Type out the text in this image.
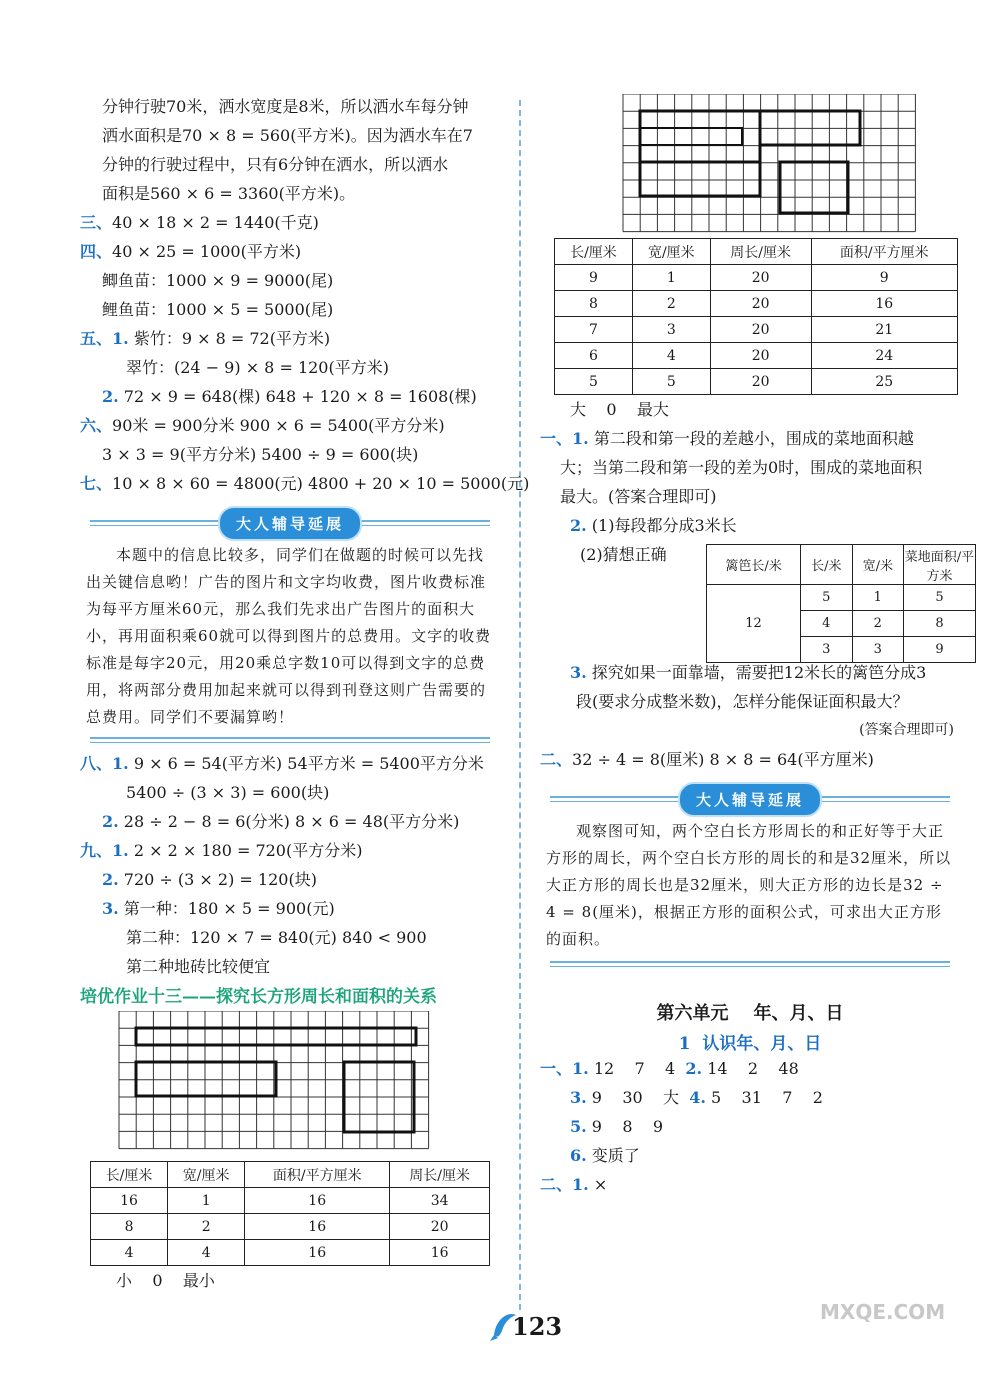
分钟行驶70米，洒水宽度是8米，所以洒水车每分钟
洒水面积是70 × 8 = 560(平方米)。因为洒水车在7
分钟的行驶过程中，只有6分钟在洒水，所以洒水
面积是560 × 6 = 3360(平方米)。
三、40 × 18 × 2 = 1440(千克)
四、40 × 25 = 1000(平方米)
鲫鱼苗：1000 × 9 = 9000(尾)
鲤鱼苗：1000 × 5 = 5000(尾)
五、1. 紫竹：9 × 8 = 72(平方米)
翠竹：(24 − 9) × 8 = 120(平方米)
2. 72 × 9 = 648(棵) 648 + 120 × 8 = 1608(棵)
六、90米 = 900分米 900 × 6 = 5400(平方分米)
3 × 3 = 9(平方分米) 5400 ÷ 9 = 600(块)
七、10 × 8 × 60 = 4800(元) 4800 + 20 × 10 = 5000(元)
大人辅导延展
本题中的信息比较多，同学们在做题的时候可以先找出关键信息哟！广告的图片和文字均收费，图片收费标准为每平方厘米60元，那么我们先求出广告图片的面积大小，再用面积乘60就可以得到图片的总费用。文字的收费标准是每字20元，用20乘总字数10可以得到文字的总费用，将两部分费用加起来就可以得到刊登这则广告需要的总费用。同学们不要漏算哟！
八、1. 9 × 6 = 54(平方米) 54平方米 = 5400平方分米
5400 ÷ (3 × 3) = 600(块)
2. 28 ÷ 2 − 8 = 6(分米) 8 × 6 = 48(平方分米)
九、1. 2 × 2 × 180 = 720(平方分米)
2. 720 ÷ (3 × 2) = 120(块)
3. 第一种：180 × 5 = 900(元)
第二种：120 × 7 = 840(元) 840 < 900
第二种地砖比较便宜
培优作业十三——探究长方形周长和面积的关系
长/厘米	宽/厘米	面积/平方厘米	周长/厘米
16	1	16	34
8	2	16	20
4	4	16	16
小    0    最小
长/厘米	宽/厘米	周长/厘米	面积/平方厘米
9	1	20	9
8	2	20	16
7	3	20	21
6	4	20	24
5	5	20	25
大    0    最大
一、1. 第二段和第一段的差越小，围成的菜地面积越
大；当第二段和第一段的差为0时，围成的菜地面积
最大。(答案合理即可)
2. (1)每段都分成3米长
(2)猜想正确
篱笆长/米	长/米	宽/米	菜地面积/平方米
12	5	1	5
	4	2	8
	3	3	9
3. 探究如果一面靠墙，需要把12米长的篱笆分成3
段(要求分成整米数)，怎样分能保证面积最大？
(答案合理即可)
二、32 ÷ 4 = 8(厘米) 8 × 8 = 64(平方厘米)
大人辅导延展
观察图可知，两个空白长方形周长的和正好等于大正方形的周长，两个空白长方形的周长的和是32厘米，所以大正方形的周长也是32厘米，则大正方形的边长是32 ÷ 4 = 8(厘米)，根据正方形的面积公式，可求出大正方形的面积。
第六单元    年、月、日
1  认识年、月、日
一、1. 12    7    4 2. 14    2    48
3. 9    30    大 4. 5    31    7    2
5. 9    8    9
6. 变质了
二、1. ×
123	MXQE.COM
